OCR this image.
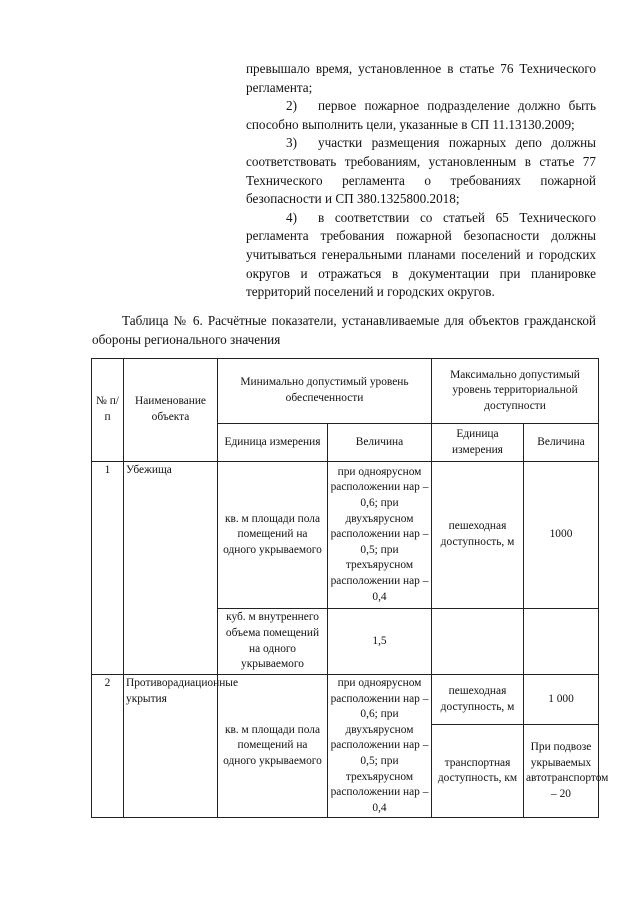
превышало время, установленное в статье 76 Технического регламента;

2) первое пожарное подразделение должно быть способно выполнить цели, указанные в СП 11.13130.2009;

3) участки размещения пожарных депо должны соответствовать требованиям, установленным в статье 77 Технического регламента о требованиях пожарной безопасности и СП 380.1325800.2018;

4) в соответствии со статьей 65 Технического регламента требования пожарной безопасности должны учитываться генеральными планами поселений и городских округов и отражаться в документации при планировке территорий поселений и городских округов.

Таблица № 6. Расчётные показатели, устанавливаемые для объектов гражданской обороны регионального значения

№ п/п	Наименование объекта	Минимально допустимый уровень обеспеченности		Максимально допустимый уровень территориальной доступности	
		Единица измерения	Величина	Единица измерения	Величина
1	Убежища	кв. м площади пола помещений на одного укрываемого	при одноярусном расположении нар – 0,6; при двухъярусном расположении нар – 0,5; при трехъярусном расположении нар – 0,4	пешеходная доступность, м	1000
		куб. м внутреннего объема помещений на одного укрываемого	1,5		
2	Противорадиационные укрытия	кв. м площади пола помещений на одного укрываемого	при одноярусном расположении нар – 0,6; при двухъярусном расположении нар – 0,5; при трехъярусном расположении нар – 0,4	пешеходная доступность, м	1 000
				транспортная доступность, км	При подвозе укрываемых автотранспортом – 20
